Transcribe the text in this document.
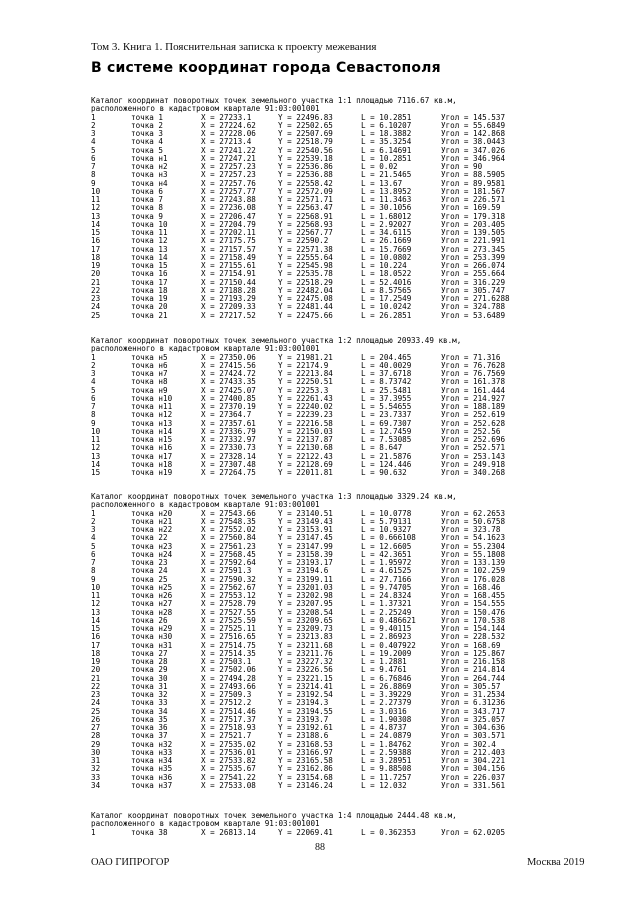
Том 3. Книга 1. Пояснительная записка к проекту межевания
В системе координат города Севастополя
Каталог координат поворотных точек земельного участка 1:1 площадью 7116.67 кв.м,
расположенного в кадастровом квартале 91:03:001001
1	точка 1	X = 27233.1	Y = 22496.83	L = 10.2851	Угол = 145.537
2	точка 2	X = 27224.62	Y = 22502.65	L = 6.10207	Угол = 55.6849
3	точка 3	X = 27228.06	Y = 22507.69	L = 18.3882	Угол = 142.868
4	точка 4	X = 27213.4	Y = 22518.79	L = 35.3254	Угол = 38.0443
5	точка 5	X = 27241.22	Y = 22540.56	L = 6.14691	Угол = 347.026
6	точка н1	X = 27247.21	Y = 22539.18	L = 10.2851	Угол = 346.964
7	точка н2	X = 27257.23	Y = 22536.86	L = 0.02	Угол = 90
8	точка н3	X = 27257.23	Y = 22536.88	L = 21.5465	Угол = 88.5905
9	точка н4	X = 27257.76	Y = 22558.42	L = 13.67	Угол = 89.9581
10	точка 6	X = 27257.77	Y = 22572.09	L = 13.8952	Угол = 181.567
11	точка 7	X = 27243.88	Y = 22571.71	L = 11.3463	Угол = 226.571
12	точка 8	X = 27236.08	Y = 22563.47	L = 30.1056	Угол = 169.59
13	точка 9	X = 27206.47	Y = 22568.91	L = 1.68012	Угол = 179.318
14	точка 10	X = 27204.79	Y = 22568.93	L = 2.92027	Угол = 203.405
15	точка 11	X = 27202.11	Y = 22567.77	L = 34.6115	Угол = 139.505
16	точка 12	X = 27175.75	Y = 22590.2	L = 26.1669	Угол = 221.991
17	точка 13	X = 27157.57	Y = 22571.38	L = 15.7669	Угол = 273.345
18	точка 14	X = 27158.49	Y = 22555.64	L = 10.0802	Угол = 253.399
19	точка 15	X = 27155.61	Y = 22545.98	L = 10.224	Угол = 266.074
20	точка 16	X = 27154.91	Y = 22535.78	L = 18.0522	Угол = 255.664
21	точка 17	X = 27150.44	Y = 22518.29	L = 52.4016	Угол = 316.229
22	точка 18	X = 27188.28	Y = 22482.04	L = 8.57565	Угол = 305.747
23	точка 19	X = 27193.29	Y = 22475.08	L = 17.2549	Угол = 271.6288
24	точка 20	X = 27209.33	Y = 22481.44	L = 10.0242	Угол = 324.788
25	точка 21	X = 27217.52	Y = 22475.66	L = 26.2851	Угол = 53.6489
Каталог координат поворотных точек земельного участка 1:2 площадью 20933.49 кв.м,
расположенного в кадастровом квартале 91:03:001001
1	точка н5	X = 27350.06	Y = 21981.21	L = 204.465	Угол = 71.316
2	точка н6	X = 27415.56	Y = 22174.9	L = 40.0029	Угол = 76.7628
3	точка н7	X = 27424.72	Y = 22213.84	L = 37.6718	Угол = 76.7569
4	точка н8	X = 27433.35	Y = 22250.51	L = 8.73742	Угол = 161.378
5	точка н9	X = 27425.07	Y = 22253.3	L = 25.5481	Угол = 161.444
6	точка н10	X = 27400.85	Y = 22261.43	L = 37.3955	Угол = 214.927
7	точка н11	X = 27370.19	Y = 22240.02	L = 5.54655	Угол = 188.189
8	точка н12	X = 27364.7	Y = 22239.23	L = 23.7337	Угол = 252.619
9	точка н13	X = 27357.61	Y = 22216.58	L = 69.7307	Угол = 252.628
10	точка н14	X = 27336.79	Y = 22150.03	L = 12.7459	Угол = 252.56
11	точка н15	X = 27332.97	Y = 22137.87	L = 7.53085	Угол = 252.696
12	точка н16	X = 27330.73	Y = 22130.68	L = 8.647	Угол = 252.571
13	точка н17	X = 27328.14	Y = 22122.43	L = 21.5876	Угол = 253.143
14	точка н18	X = 27307.48	Y = 22128.69	L = 124.446	Угол = 249.918
15	точка н19	X = 27264.75	Y = 22011.81	L = 90.632	Угол = 340.268
Каталог координат поворотных точек земельного участка 1:3 площадью 3329.24 кв.м,
расположенного в кадастровом квартале 91:03:001001
1	точка н20	X = 27543.66	Y = 23140.51	L = 10.0778	Угол = 62.2653
2	точка н21	X = 27548.35	Y = 23149.43	L = 5.79131	Угол = 50.6758
3	точка н22	X = 27552.02	Y = 23153.91	L = 10.9327	Угол = 323.78
4	точка 22	X = 27560.84	Y = 23147.45	L = 0.666108	Угол = 54.1623
5	точка н23	X = 27561.23	Y = 23147.99	L = 12.6605	Угол = 55.2304
6	точка н24	X = 27568.45	Y = 23158.39	L = 42.3651	Угол = 55.1808
7	точка 23	X = 27592.64	Y = 23193.17	L = 1.95972	Угол = 133.139
8	точка 24	X = 27591.3	Y = 23194.6	L = 4.61525	Угол = 102.259
9	точка 25	X = 27590.32	Y = 23199.11	L = 27.7166	Угол = 176.028
10	точка н25	X = 27562.67	Y = 23201.03	L = 9.74705	Угол = 168.46
11	точка н26	X = 27553.12	Y = 23202.98	L = 24.8324	Угол = 168.455
12	точка н27	X = 27528.79	Y = 23207.95	L = 1.37321	Угол = 154.555
13	точка н28	X = 27527.55	Y = 23208.54	L = 2.25249	Угол = 150.476
14	точка 26	X = 27525.59	Y = 23209.65	L = 0.486621	Угол = 170.538
15	точка н29	X = 27525.11	Y = 23209.73	L = 9.40115	Угол = 154.144
16	точка н30	X = 27516.65	Y = 23213.83	L = 2.86923	Угол = 228.532
17	точка н31	X = 27514.75	Y = 23211.68	L = 0.407922	Угол = 168.69
18	точка 27	X = 27514.35	Y = 23211.76	L = 19.2009	Угол = 125.867
19	точка 28	X = 27503.1	Y = 23227.32	L = 1.2881	Угол = 216.158
20	точка 29	X = 27502.06	Y = 23226.56	L = 9.4761	Угол = 214.814
21	точка 30	X = 27494.28	Y = 23221.15	L = 6.76846	Угол = 264.744
22	точка 31	X = 27493.66	Y = 23214.41	L = 26.8869	Угол = 305.57
23	точка 32	X = 27509.3	Y = 23192.54	L = 3.39229	Угол = 31.2534
24	точка 33	X = 27512.2	Y = 23194.3	L = 2.27379	Угол = 6.31236
25	точка 34	X = 27514.46	Y = 23194.55	L = 3.0316	Угол = 343.717
26	точка 35	X = 27517.37	Y = 23193.7	L = 1.90308	Угол = 325.057
27	точка 36	X = 27518.93	Y = 23192.61	L = 4.8737	Угол = 304.636
28	точка 37	X = 27521.7	Y = 23188.6	L = 24.0879	Угол = 303.571
29	точка н32	X = 27535.02	Y = 23168.53	L = 1.84762	Угол = 302.4
30	точка н33	X = 27536.01	Y = 23166.97	L = 2.59388	Угол = 212.403
31	точка н34	X = 27533.82	Y = 23165.58	L = 3.28951	Угол = 304.221
32	точка н35	X = 27535.67	Y = 23162.86	L = 9.88508	Угол = 304.156
33	точка н36	X = 27541.22	Y = 23154.68	L = 11.7257	Угол = 226.037
34	точка н37	X = 27533.08	Y = 23146.24	L = 12.032	Угол = 331.561
Каталог координат поворотных точек земельного участка 1:4 площадью 2444.48 кв.м,
расположенного в кадастровом квартале 91:03:001001
1	точка 38	X = 26813.14	Y = 22069.41	L = 0.362353	Угол = 62.0205
88
ОАО ГИПРОГОР	Москва 2019
